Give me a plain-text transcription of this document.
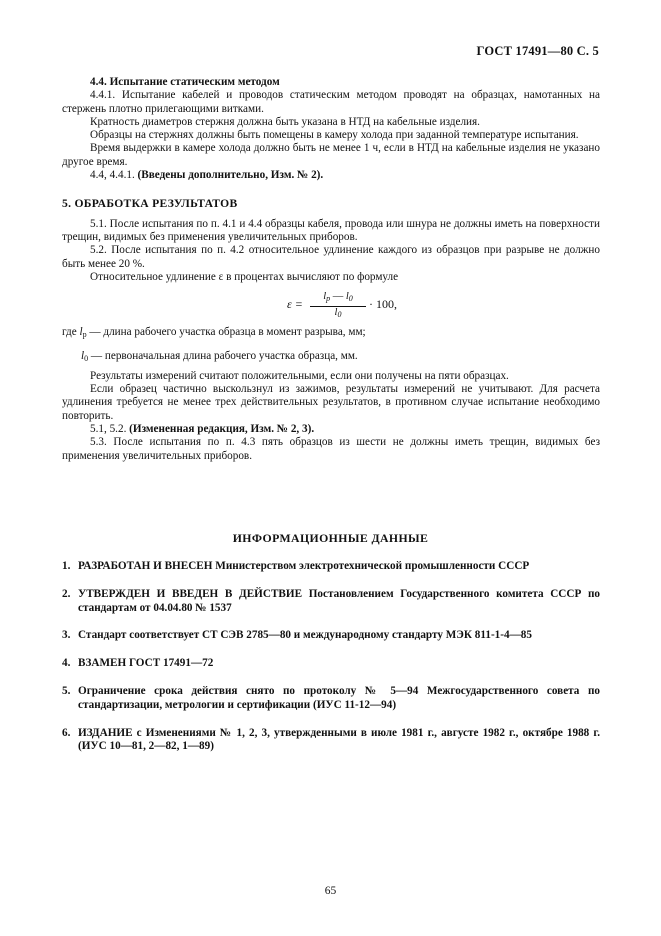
ГОСТ 17491—80 С. 5

4.4. Испытание статическим методом

4.4.1. Испытание кабелей и проводов статическим методом проводят на образцах, намотанных на стержень плотно прилегающими витками.

Кратность диаметров стержня должна быть указана в НТД на кабельные изделия.

Образцы на стержнях должны быть помещены в камеру холода при заданной температуре испытания.

Время выдержки в камере холода должно быть не менее 1 ч, если в НТД на кабельные изделия не указано другое время.

4.4, 4.4.1. (Введены дополнительно, Изм. № 2).

5. ОБРАБОТКА РЕЗУЛЬТАТОВ

5.1. После испытания по п. 4.1 и 4.4 образцы кабеля, провода или шнура не должны иметь на поверхности трещин, видимых без применения увеличительных приборов.

5.2. После испытания по п. 4.2 относительное удлинение каждого из образцов при разрыве не должно быть менее 20 %.

Относительное удлинение ε в процентах вычисляют по формуле

ε =
$l_р$ — $l_0$
$l_0$
· 100,

где $l_р$ — длина рабочего участка образца в момент разрыва, мм;

$l_0$ — первоначальная длина рабочего участка образца, мм.

Результаты измерений считают положительными, если они получены на пяти образцах.

Если образец частично выскользнул из зажимов, результаты измерений не учитывают. Для расчета удлинения требуется не менее трех действительных результатов, в противном случае испытание необходимо повторить.

5.1, 5.2. (Измененная редакция, Изм. № 2, 3).

5.3. После испытания по п. 4.3 пять образцов из шести не должны иметь трещин, видимых без применения увеличительных приборов.

ИНФОРМАЦИОННЫЕ ДАННЫЕ
1. РАЗРАБОТАН И ВНЕСЕН Министерством электротехнической промышленности СССР
2. УТВЕРЖДЕН И ВВЕДЕН В ДЕЙСТВИЕ Постановлением Государственного комитета СССР по стандартам от 04.04.80 № 1537
3. Стандарт соответствует СТ СЭВ 2785—80 и международному стандарту МЭК 811-1-4—85
4. ВЗАМЕН ГОСТ 17491—72
5. Ограничение срока действия снято по протоколу № 5—94 Межгосударственного совета по стандартизации, метрологии и сертификации (ИУС 11-12—94)
6. ИЗДАНИЕ с Изменениями № 1, 2, 3, утвержденными в июле 1981 г., августе 1982 г., октябре 1988 г. (ИУС 10—81, 2—82, 1—89)
65
